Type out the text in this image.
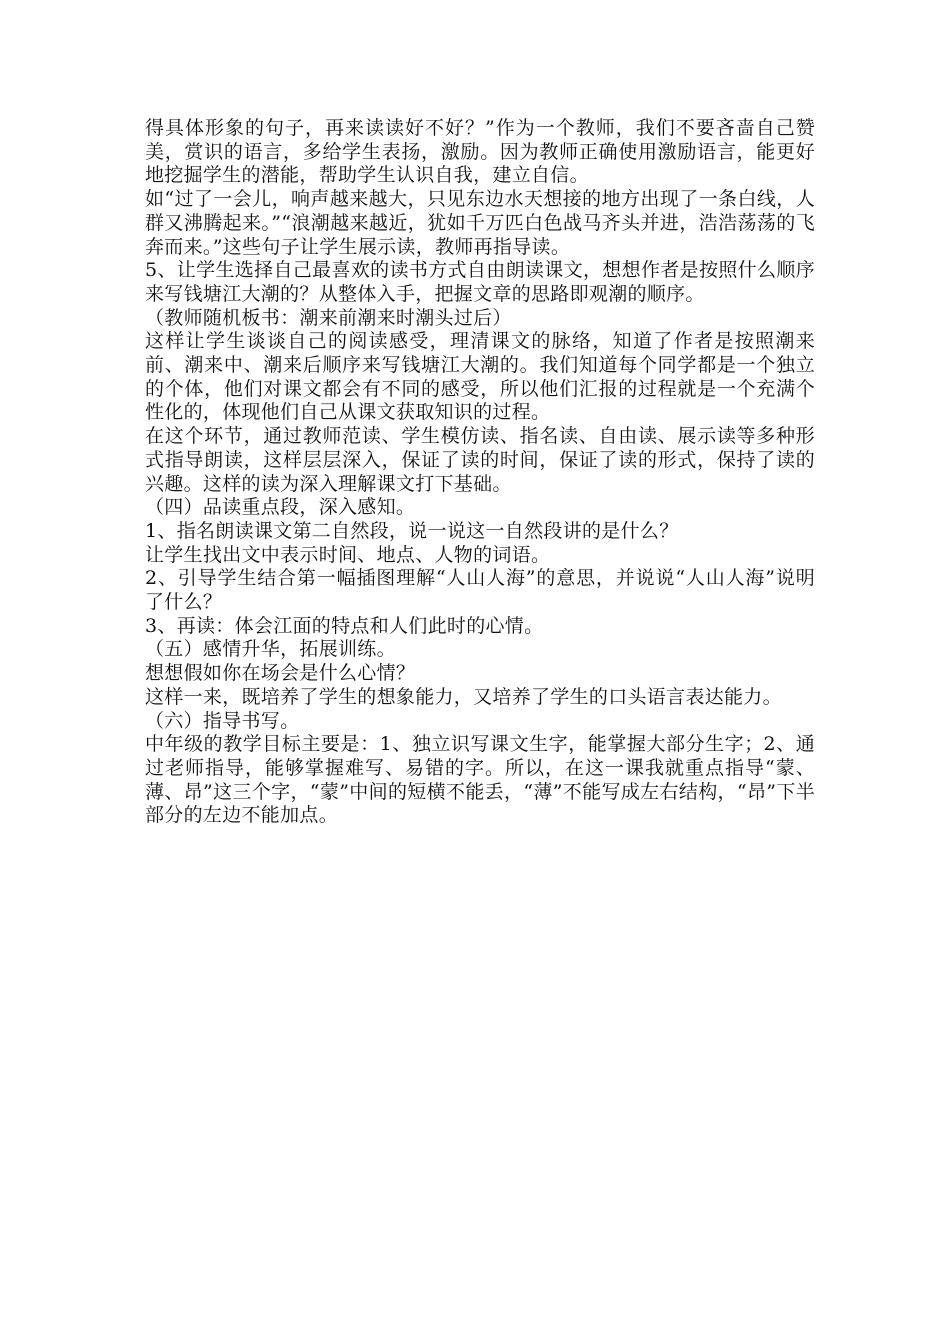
得具体形象的句子，再来读读好不好？”作为一个教师，我们不要吝啬自己赞美，赏识的语言，多给学生表扬，激励。因为教师正确使用激励语言，能更好地挖掘学生的潜能，帮助学生认识自我，建立自信。

如“过了一会儿，响声越来越大，只见东边水天想接的地方出现了一条白线，人群又沸腾起来。”“浪潮越来越近，犹如千万匹白色战马齐头并进，浩浩荡荡的飞奔而来。”这些句子让学生展示读，教师再指导读。

5、让学生选择自己最喜欢的读书方式自由朗读课文，想想作者是按照什么顺序来写钱塘江大潮的？从整体入手，把握文章的思路即观潮的顺序。

（教师随机板书：潮来前潮来时潮头过后）

这样让学生谈谈自己的阅读感受，理清课文的脉络，知道了作者是按照潮来前、潮来中、潮来后顺序来写钱塘江大潮的。我们知道每个同学都是一个独立的个体，他们对课文都会有不同的感受，所以他们汇报的过程就是一个充满个性化的，体现他们自己从课文获取知识的过程。

在这个环节，通过教师范读、学生模仿读、指名读、自由读、展示读等多种形式指导朗读，这样层层深入，保证了读的时间，保证了读的形式，保持了读的兴趣。这样的读为深入理解课文打下基础。

（四）品读重点段，深入感知。

1、指名朗读课文第二自然段，说一说这一自然段讲的是什么？

让学生找出文中表示时间、地点、人物的词语。

2、引导学生结合第一幅插图理解“人山人海”的意思，并说说“人山人海”说明了什么？

3、再读：体会江面的特点和人们此时的心情。

（五）感情升华，拓展训练。

想想假如你在场会是什么心情？

这样一来，既培养了学生的想象能力，又培养了学生的口头语言表达能力。

（六）指导书写。

中年级的教学目标主要是：1、独立识写课文生字，能掌握大部分生字；2、通过老师指导，能够掌握难写、易错的字。所以，在这一课我就重点指导“蒙、薄、昂”这三个字，“蒙”中间的短横不能丢，“薄”不能写成左右结构，“昂”下半部分的左边不能加点。
